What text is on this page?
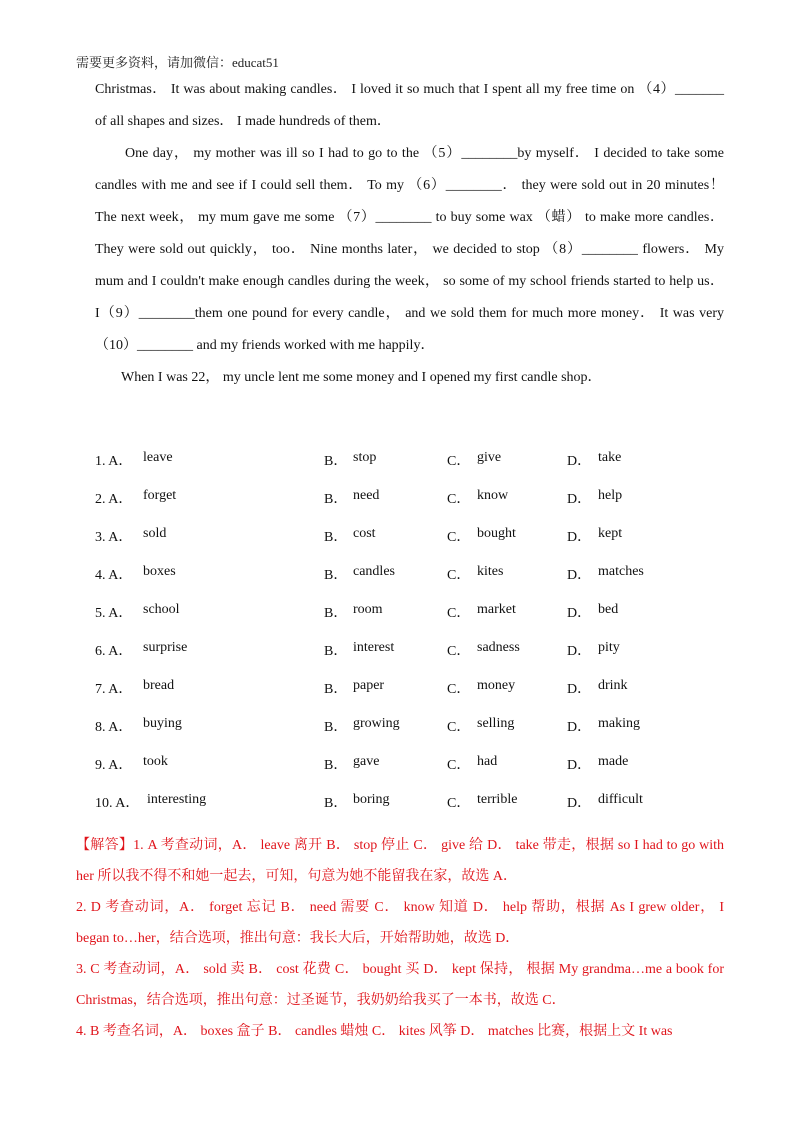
需要更多资料，请加微信：educat51

Christmas． It was about making candles． I loved it so much that I spent all my free time on （4）_______ of all shapes and sizes． I made hundreds of them．

One day， my mother was ill so I had to go to the （5）________by myself． I decided to take some candles with me and see if I could sell them． To my （6）________． they were sold out in 20 minutes！The next week， my mum gave me some （7）________ to buy some wax （蜡） to make more candles． They were sold out quickly， too． Nine months later， we decided to stop （8）________ flowers． My mum and I couldn't make enough candles during the week， so some of my school friends started to help us． I（9）________them one pound for every candle， and we sold them for much more money． It was very（10）________ and my friends worked with me happily．

When I was 22， my uncle lent me some money and I opened my first candle shop．

1. A． leave	B． stop	C． give	D． take
2. A． forget	B． need	C． know	D． help
3. A． sold	B． cost	C． bought	D． kept
4. A． boxes	B． candles	C． kites	D． matches
5. A． school	B． room	C． market	D． bed
6. A． surprise	B． interest	C． sadness	D． pity
7. A． bread	B． paper	C． money	D． drink
8. A． buying	B． growing	C． selling	D． making
9. A． took	B． gave	C． had	D． made
10. A． interesting	B． boring	C． terrible	D． difficult

【解答】1. A 考查动词，A． leave 离开 B． stop 停止 C． give 给 D． take 带走，根据 so I had to go with her 所以我不得不和她一起去，可知，句意为她不能留我在家，故选 A．

2. D 考查动词，A． forget 忘记 B． need 需要 C． know 知道 D． help 帮助，根据 As I grew older， I began to…her，结合选项，推出句意：我长大后，开始帮助她，故选 D．

3. C 考查动词，A． sold 卖 B． cost 花费 C． bought 买 D． kept 保持， 根据 My grandma…me a book for Christmas，结合选项，推出句意：过圣诞节，我奶奶给我买了一本书，故选 C．

4. B 考查名词，A． boxes 盒子 B． candles 蜡烛 C． kites 风筝 D． matches 比赛，根据上文 It was
